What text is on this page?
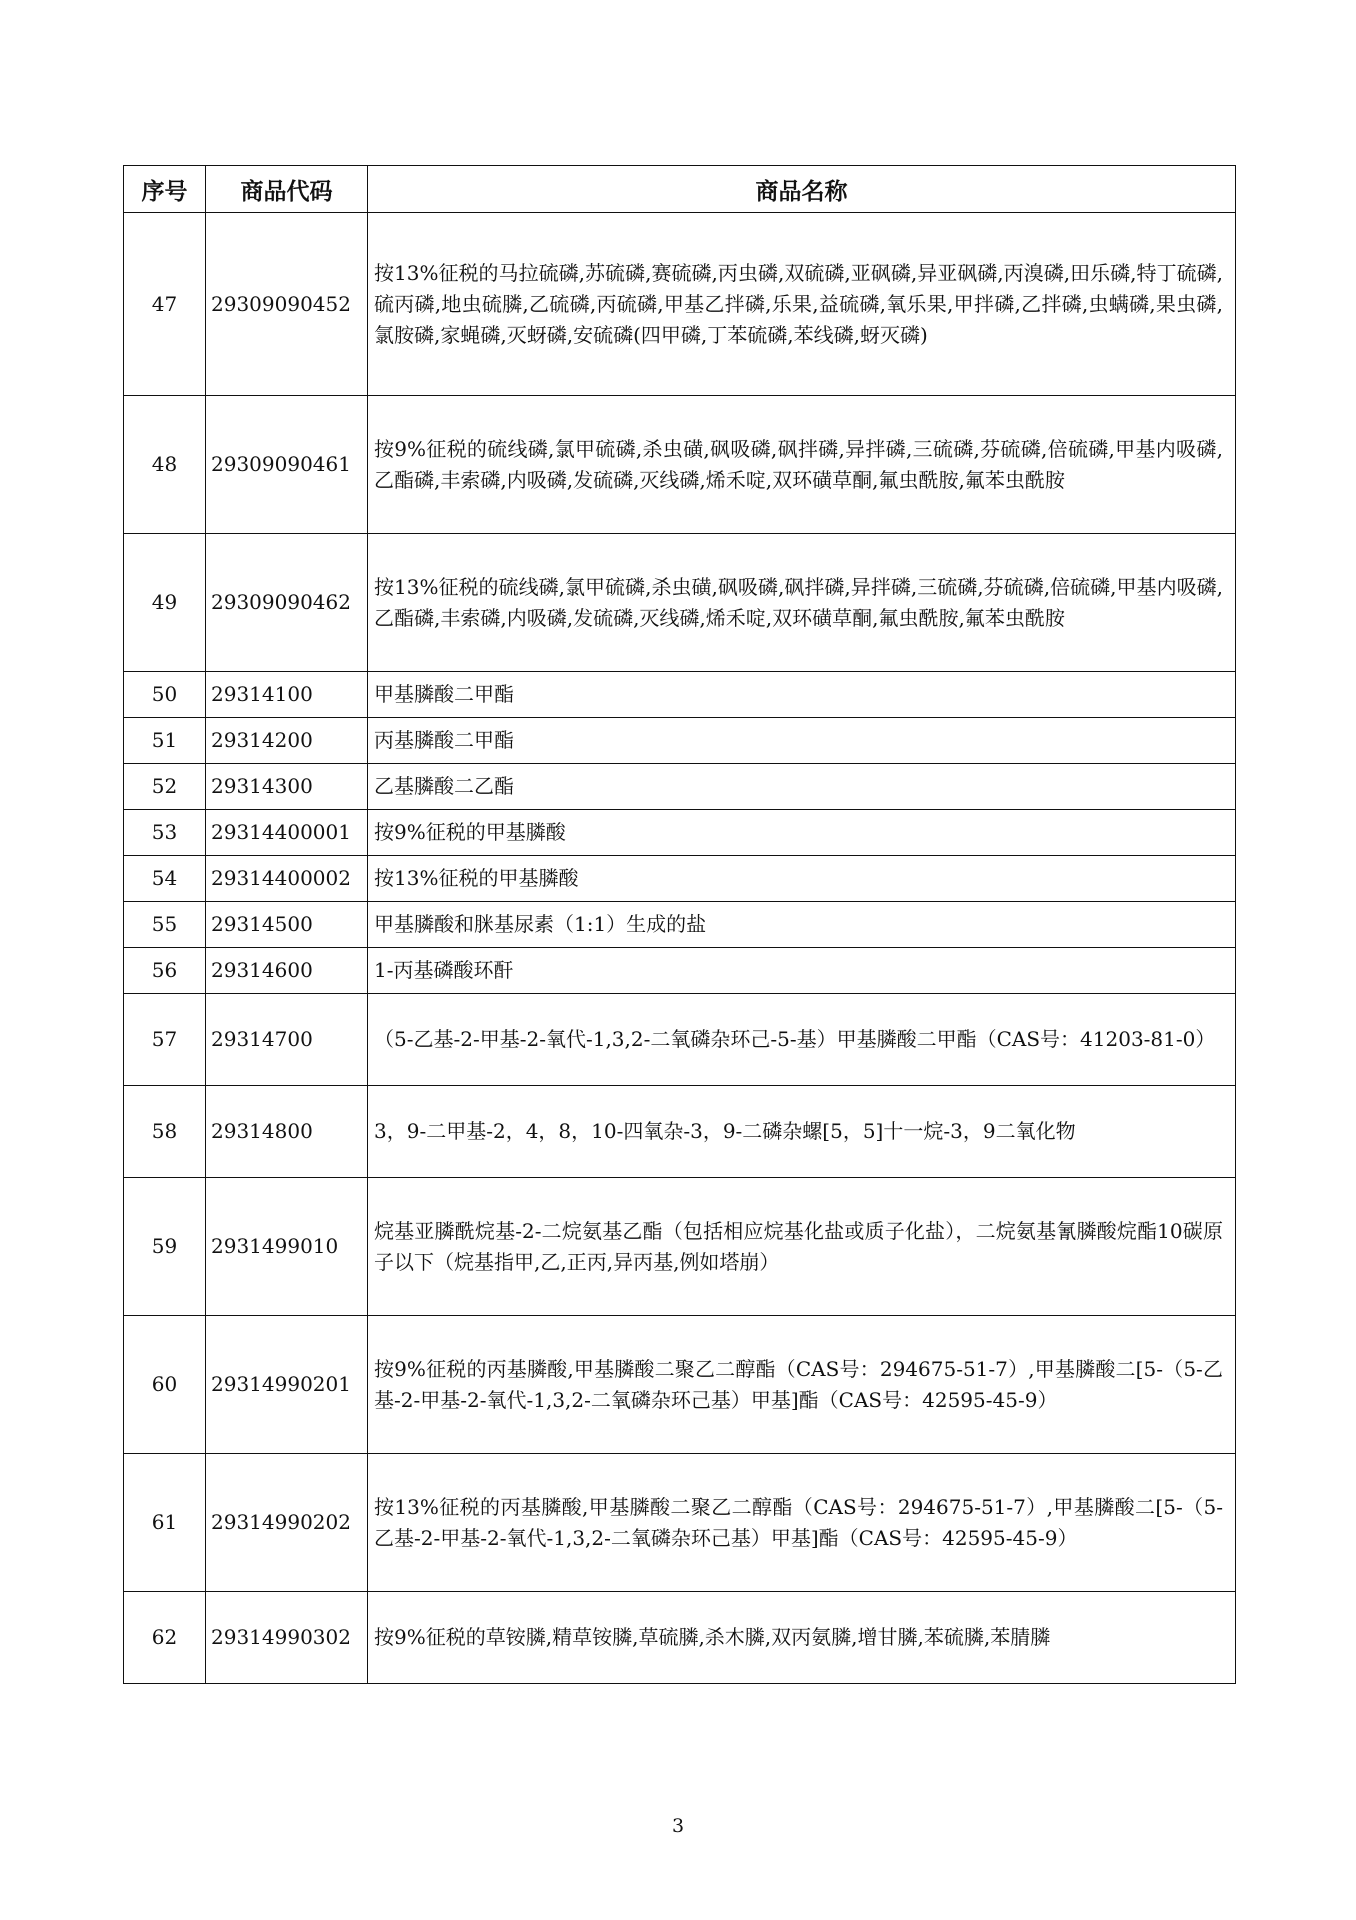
序号	商品代码	商品名称
47	29309090452	按13%征税的马拉硫磷,苏硫磷,赛硫磷,丙虫磷,双硫磷,亚砜磷,异亚砜磷,丙溴磷,田乐磷,特丁硫磷,硫丙磷,地虫硫膦,乙硫磷,丙硫磷,甲基乙拌磷,乐果,益硫磷,氧乐果,甲拌磷,乙拌磷,虫螨磷,果虫磷,氯胺磷,家蝇磷,灭蚜磷,安硫磷(四甲磷,丁苯硫磷,苯线磷,蚜灭磷)
48	29309090461	按9%征税的硫线磷,氯甲硫磷,杀虫磺,砜吸磷,砜拌磷,异拌磷,三硫磷,芬硫磷,倍硫磷,甲基内吸磷,乙酯磷,丰索磷,内吸磷,发硫磷,灭线磷,烯禾啶,双环磺草酮,氟虫酰胺,氟苯虫酰胺
49	29309090462	按13%征税的硫线磷,氯甲硫磷,杀虫磺,砜吸磷,砜拌磷,异拌磷,三硫磷,芬硫磷,倍硫磷,甲基内吸磷,乙酯磷,丰索磷,内吸磷,发硫磷,灭线磷,烯禾啶,双环磺草酮,氟虫酰胺,氟苯虫酰胺
50	29314100	甲基膦酸二甲酯
51	29314200	丙基膦酸二甲酯
52	29314300	乙基膦酸二乙酯
53	29314400001	按9%征税的甲基膦酸
54	29314400002	按13%征税的甲基膦酸
55	29314500	甲基膦酸和脒基尿素（1:1）生成的盐
56	29314600	1-丙基磷酸环酐
57	29314700	（5-乙基-2-甲基-2-氧代-1,3,2-二氧磷杂环己-5-基）甲基膦酸二甲酯（CAS号：41203-81-0）
58	29314800	3，9-二甲基-2，4，8，10-四氧杂-3，9-二磷杂螺[5，5]十一烷-3，9二氧化物
59	2931499010	烷基亚膦酰烷基-2-二烷氨基乙酯（包括相应烷基化盐或质子化盐），二烷氨基氰膦酸烷酯10碳原子以下（烷基指甲,乙,正丙,异丙基,例如塔崩）
60	29314990201	按9%征税的丙基膦酸,甲基膦酸二聚乙二醇酯（CAS号：294675-51-7）,甲基膦酸二[5-（5-乙基-2-甲基-2-氧代-1,3,2-二氧磷杂环己基）甲基]酯（CAS号：42595-45-9）
61	29314990202	按13%征税的丙基膦酸,甲基膦酸二聚乙二醇酯（CAS号：294675-51-7）,甲基膦酸二[5-（5-乙基-2-甲基-2-氧代-1,3,2-二氧磷杂环己基）甲基]酯（CAS号：42595-45-9）
62	29314990302	按9%征税的草铵膦,精草铵膦,草硫膦,杀木膦,双丙氨膦,增甘膦,苯硫膦,苯腈膦
3
